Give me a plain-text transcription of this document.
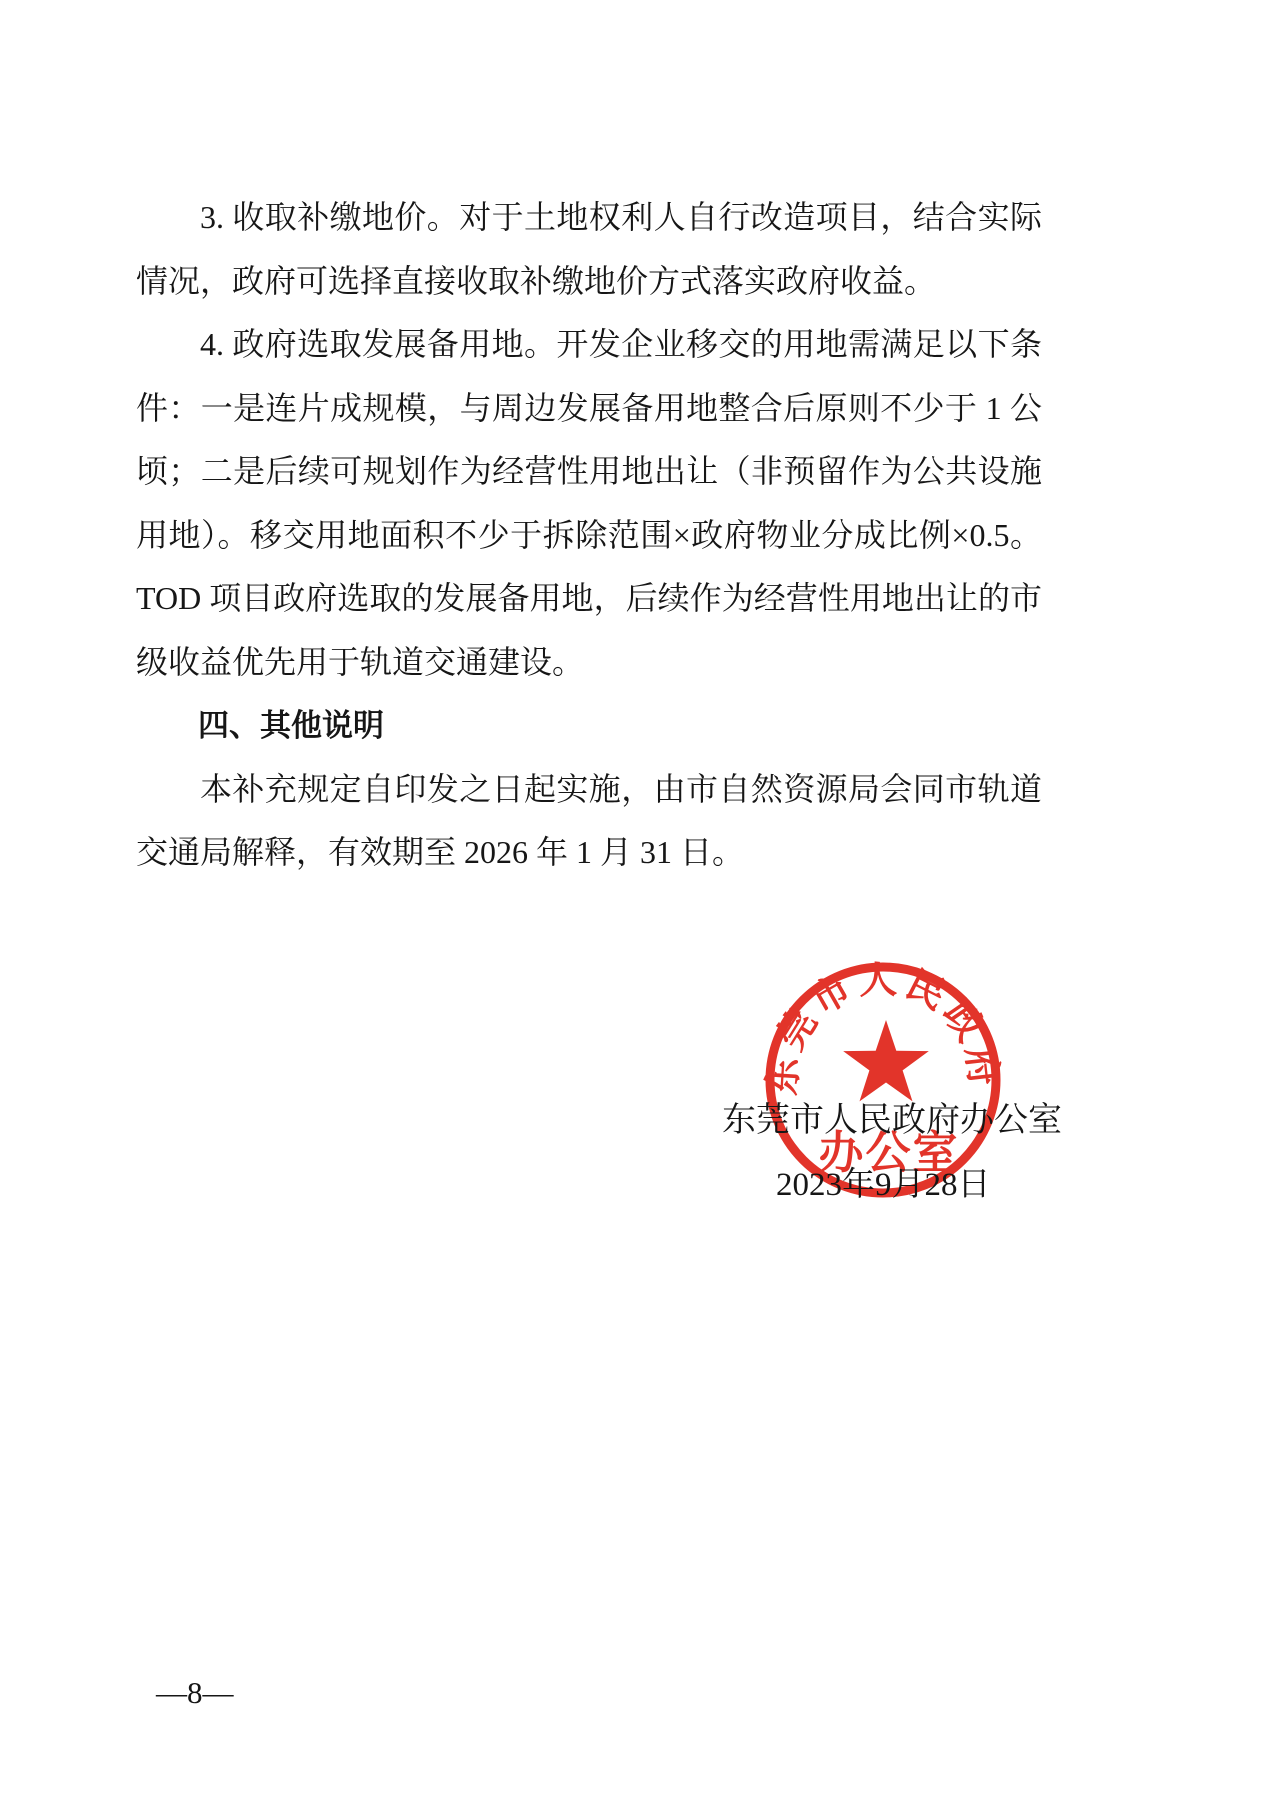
3. 收取补缴地价。对于土地权利人自行改造项目，结合实际
情况，政府可选择直接收取补缴地价方式落实政府收益。
4. 政府选取发展备用地。开发企业移交的用地需满足以下条
件：一是连片成规模，与周边发展备用地整合后原则不少于 1 公
顷；二是后续可规划作为经营性用地出让（非预留作为公共设施
用地）。移交用地面积不少于拆除范围×政府物业分成比例×0.5。
TOD 项目政府选取的发展备用地，后续作为经营性用地出让的市
级收益优先用于轨道交通建设。
四、其他说明
本补充规定自印发之日起实施，由市自然资源局会同市轨道
交通局解释，有效期至 2026 年 1 月 31 日。
东莞市人民政府
办公室
东莞市人民政府办公室
2023年9月28日
—8—
